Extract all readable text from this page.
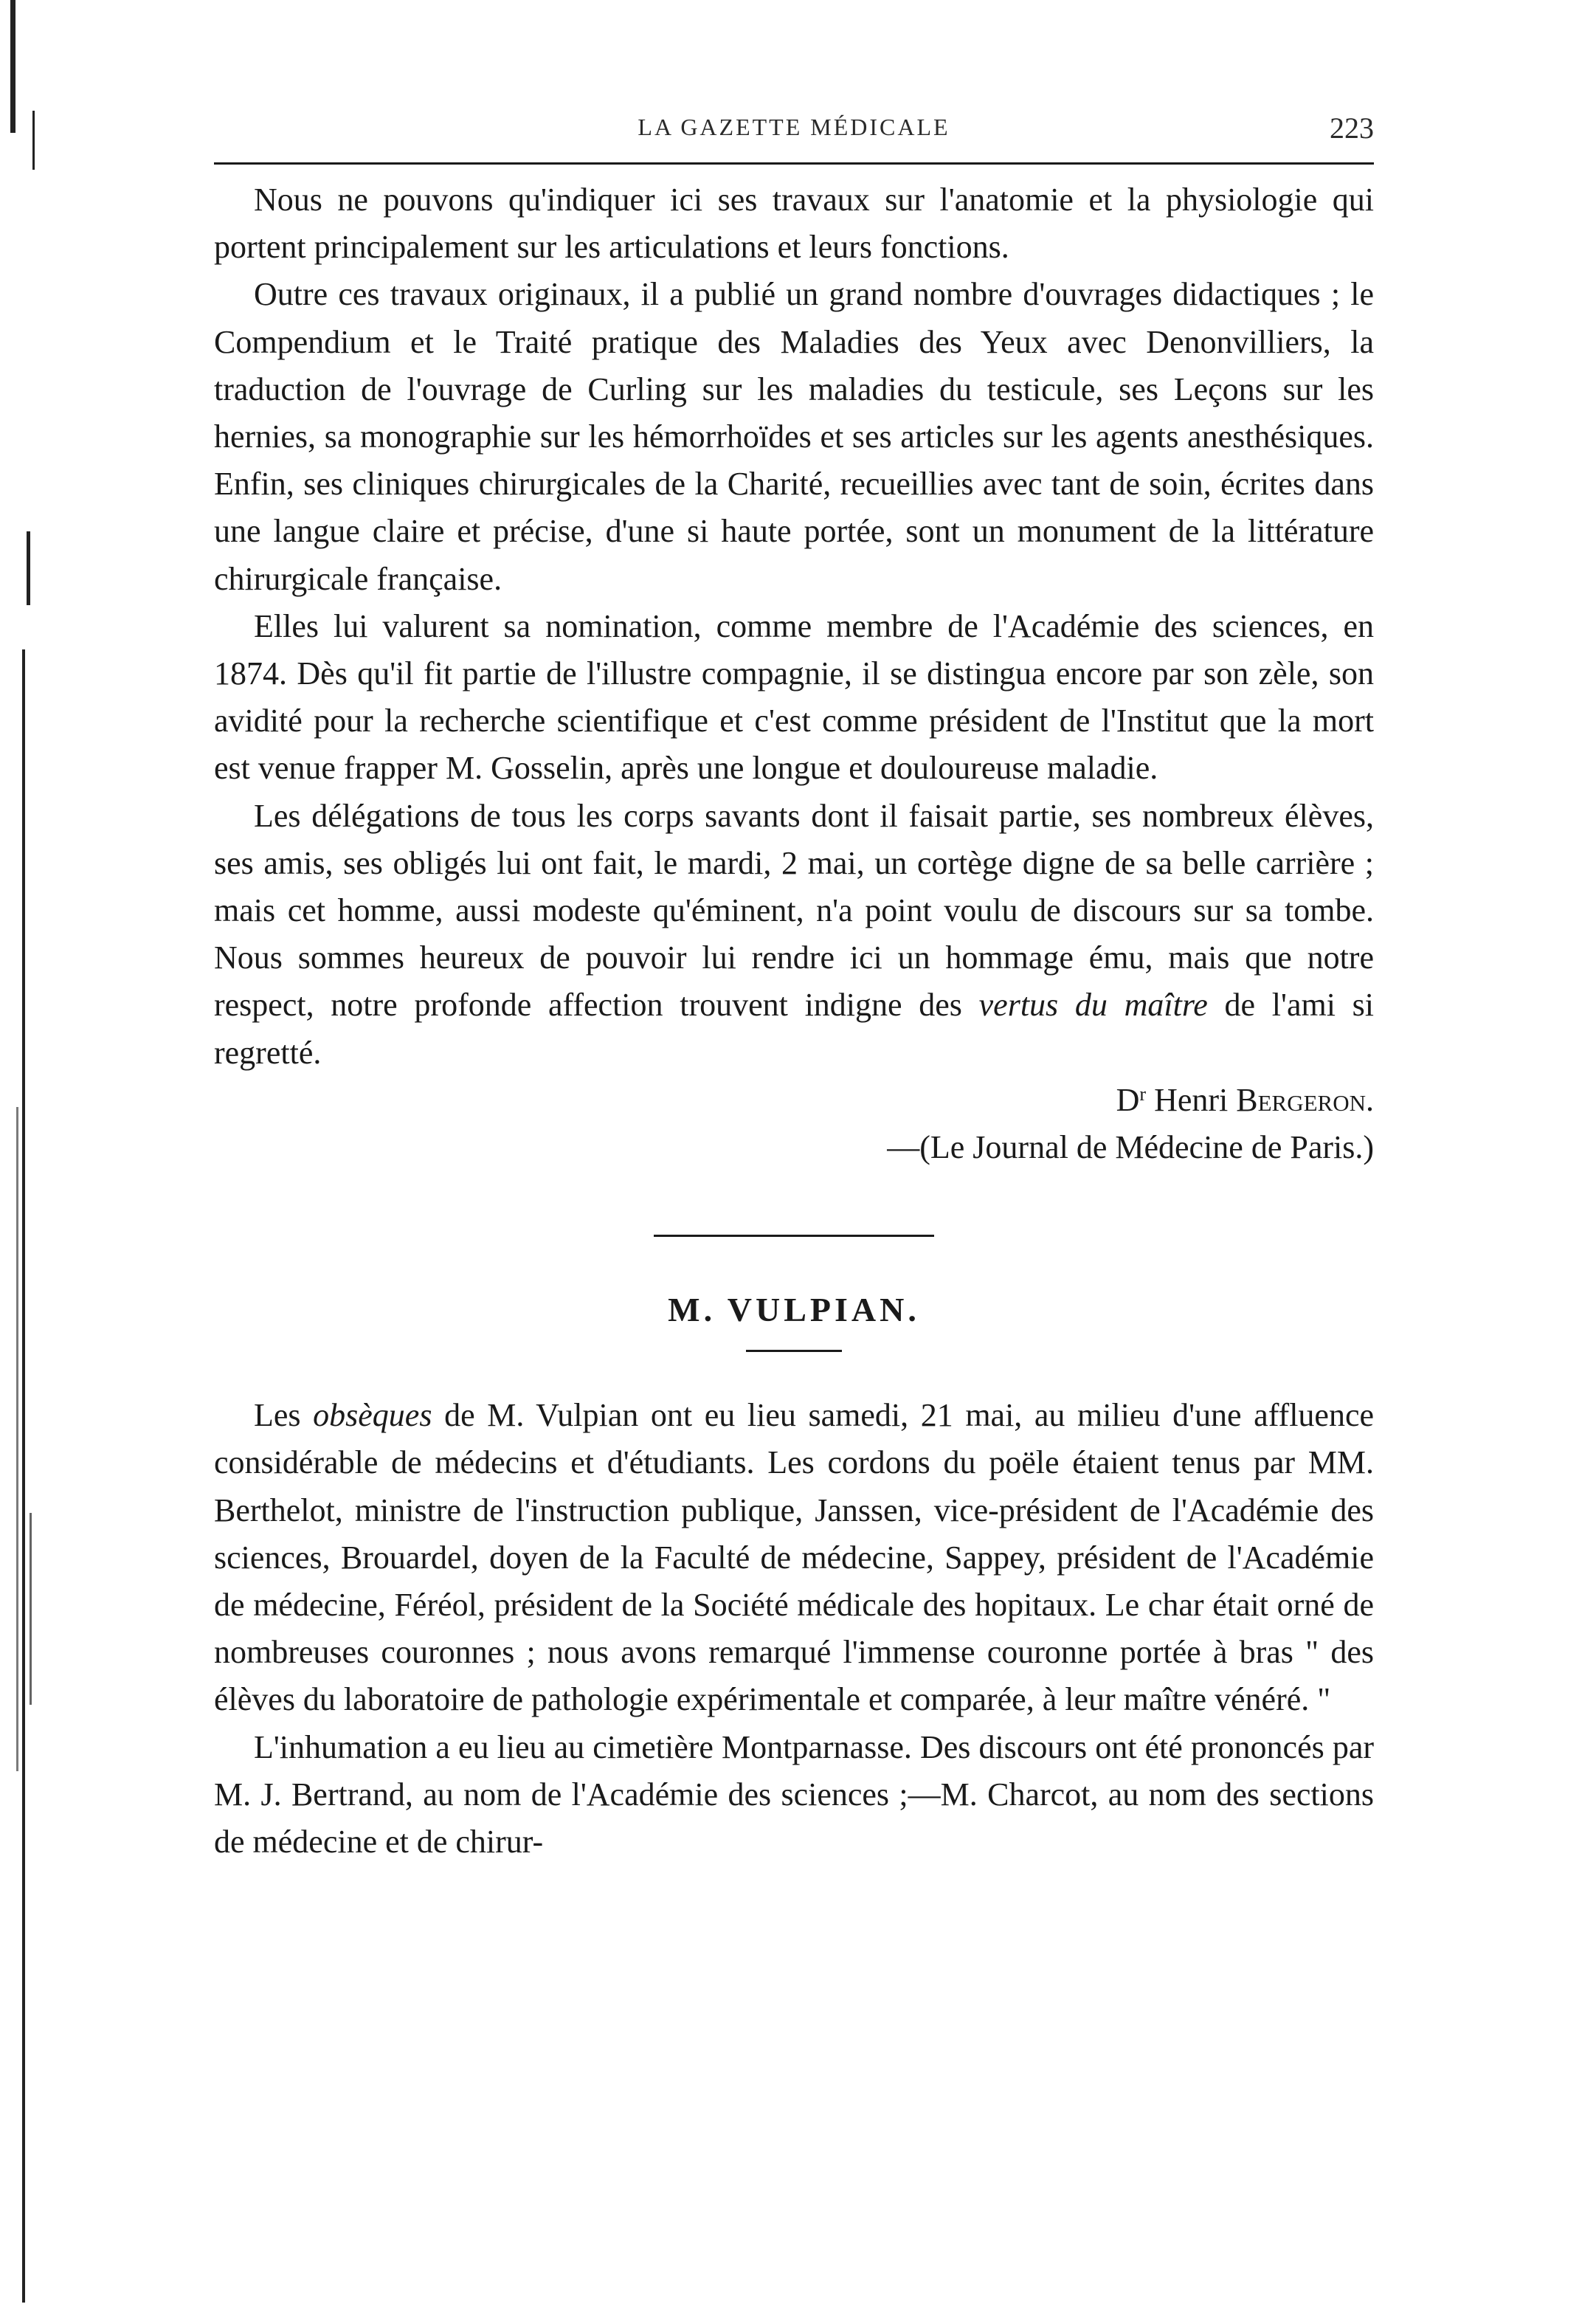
LA GAZETTE MÉDICALE	223

Nous ne pouvons qu'indiquer ici ses travaux sur l'anatomie et la physiologie qui portent principalement sur les articulations et leurs fonctions.

Outre ces travaux originaux, il a publié un grand nombre d'ouvrages didactiques ; le Compendium et le Traité pratique des Maladies des Yeux avec Denonvilliers, la traduction de l'ouvrage de Curling sur les maladies du testicule, ses Leçons sur les hernies, sa monographie sur les hémorrhoïdes et ses articles sur les agents anesthésiques. Enfin, ses cliniques chirurgicales de la Charité, recueillies avec tant de soin, écrites dans une langue claire et précise, d'une si haute portée, sont un monument de la littérature chirurgicale française.

Elles lui valurent sa nomination, comme membre de l'Académie des sciences, en 1874. Dès qu'il fit partie de l'illustre compagnie, il se distingua encore par son zèle, son avidité pour la recherche scientifique et c'est comme président de l'Institut que la mort est venue frapper M. Gosselin, après une longue et douloureuse maladie.

Les délégations de tous les corps savants dont il faisait partie, ses nombreux élèves, ses amis, ses obligés lui ont fait, le mardi, 2 mai, un cortège digne de sa belle carrière ; mais cet homme, aussi modeste qu'éminent, n'a point voulu de discours sur sa tombe. Nous sommes heureux de pouvoir lui rendre ici un hommage ému, mais que notre respect, notre profonde affection trouvent indigne des vertus du maître de l'ami si regretté.

$D^r$ Henri Bergeron.
—(Le Journal de Médecine de Paris.)
M. VULPIAN.

Les obsèques de M. Vulpian ont eu lieu samedi, 21 mai, au milieu d'une affluence considérable de médecins et d'étudiants. Les cordons du poële étaient tenus par MM. Berthelot, ministre de l'instruction publique, Janssen, vice-président de l'Académie des sciences, Brouardel, doyen de la Faculté de médecine, Sappey, président de l'Académie de médecine, Féréol, président de la Société médicale des hopitaux. Le char était orné de nombreuses couronnes ; nous avons remarqué l'immense couronne portée à bras " des élèves du laboratoire de pathologie expérimentale et comparée, à leur maître vénéré. "

L'inhumation a eu lieu au cimetière Montparnasse. Des discours ont été prononcés par M. J. Bertrand, au nom de l'Académie des sciences ;—M. Charcot, au nom des sections de médecine et de chirur-
